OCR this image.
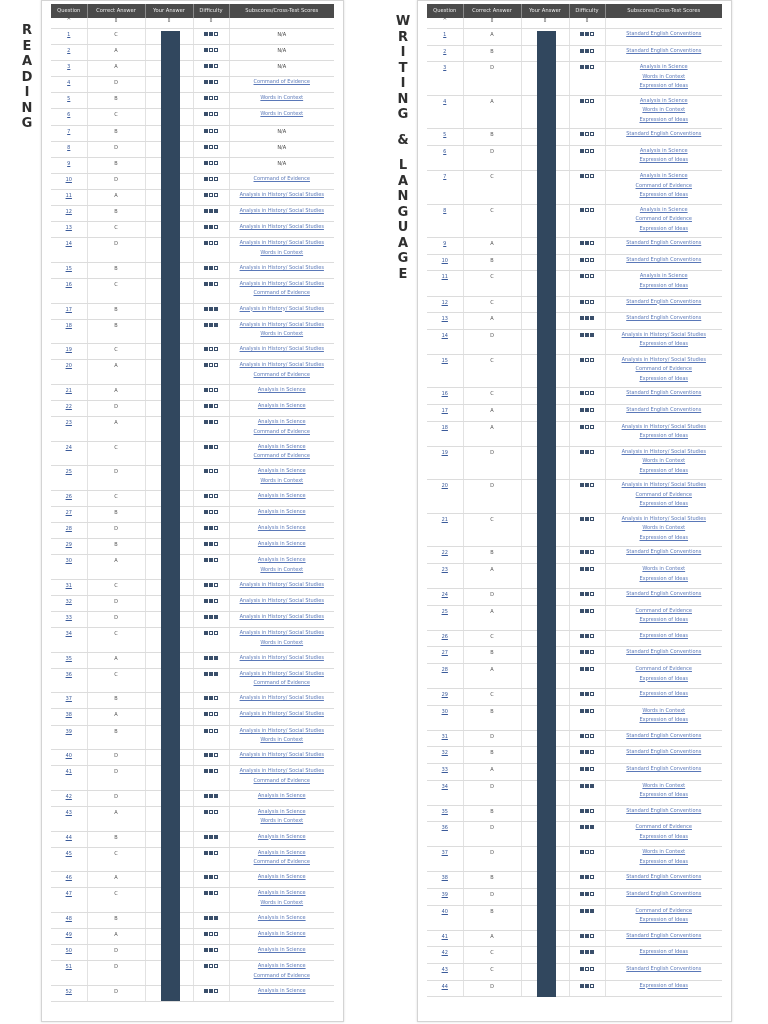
R
E
A
D
I
N
G
Question	Correct Answer	Your Answer	Difficulty	Subscores/Cross-Test Scores
^	⇕	⇕	⇕	

1	C			N/A

2	A			N/A

3	A			N/A

4	D			Command of Evidence

5	B			Words in Context

6	C			Words in Context

7	B			N/A

8	D			N/A

9	B			N/A

10	D			Command of Evidence

11	A			Analysis in History/ Social Studies

12	B			Analysis in History/ Social Studies

13	C			Analysis in History/ Social Studies

14	D			Analysis in History/ Social Studies
Words in Context

15	B			Analysis in History/ Social Studies

16	C			Analysis in History/ Social Studies
Command of Evidence

17	B			Analysis in History/ Social Studies

18	B			Analysis in History/ Social Studies
Words in Context

19	C			Analysis in History/ Social Studies

20	A			Analysis in History/ Social Studies
Command of Evidence

21	A			Analysis in Science

22	D			Analysis in Science

23	A			Analysis in Science
Command of Evidence

24	C			Analysis in Science
Command of Evidence

25	D			Analysis in Science
Words in Context

26	C			Analysis in Science

27	B			Analysis in Science

28	D			Analysis in Science

29	B			Analysis in Science

30	A			Analysis in Science
Words in Context

31	C			Analysis in History/ Social Studies

32	D			Analysis in History/ Social Studies

33	D			Analysis in History/ Social Studies

34	C			Analysis in History/ Social Studies
Words in Context

35	A			Analysis in History/ Social Studies

36	C			Analysis in History/ Social Studies
Command of Evidence

37	B			Analysis in History/ Social Studies

38	A			Analysis in History/ Social Studies

39	B			Analysis in History/ Social Studies
Words in Context

40	D			Analysis in History/ Social Studies

41	D			Analysis in History/ Social Studies
Command of Evidence

42	D			Analysis in Science

43	A			Analysis in Science
Words in Context

44	B			Analysis in Science

45	C			Analysis in Science
Command of Evidence

46	A			Analysis in Science

47	C			Analysis in Science
Words in Context

48	B			Analysis in Science

49	A			Analysis in Science

50	D			Analysis in Science

51	D			Analysis in Science
Command of Evidence

52	D			Analysis in Science
W
R
I
T
I
N
G
&
L
A
N
G
U
A
G
E
Question	Correct Answer	Your Answer	Difficulty	Subscores/Cross-Test Scores
^	⇕	⇕	⇕	

1	A			Standard English Conventions

2	B			Standard English Conventions

3	D			Analysis in Science
Words in Context
Expression of Ideas

4	A			Analysis in Science
Words in Context
Expression of Ideas

5	B			Standard English Conventions

6	D			Analysis in Science
Expression of Ideas

7	C			Analysis in Science
Command of Evidence
Expression of Ideas

8	C			Analysis in Science
Command of Evidence
Expression of Ideas

9	A			Standard English Conventions

10	B			Standard English Conventions

11	C			Analysis in Science
Expression of Ideas

12	C			Standard English Conventions

13	A			Standard English Conventions

14	D			Analysis in History/ Social Studies
Expression of Ideas

15	C			Analysis in History/ Social Studies
Command of Evidence
Expression of Ideas

16	C			Standard English Conventions

17	A			Standard English Conventions

18	A			Analysis in History/ Social Studies
Expression of Ideas

19	D			Analysis in History/ Social Studies
Words in Context
Expression of Ideas

20	D			Analysis in History/ Social Studies
Command of Evidence
Expression of Ideas

21	C			Analysis in History/ Social Studies
Words in Context
Expression of Ideas

22	B			Standard English Conventions

23	A			Words in Context
Expression of Ideas

24	D			Standard English Conventions

25	A			Command of Evidence
Expression of Ideas

26	C			Expression of Ideas

27	B			Standard English Conventions

28	A			Command of Evidence
Expression of Ideas

29	C			Expression of Ideas

30	B			Words in Context
Expression of Ideas

31	D			Standard English Conventions

32	B			Standard English Conventions

33	A			Standard English Conventions

34	D			Words in Context
Expression of Ideas

35	B			Standard English Conventions

36	D			Command of Evidence
Expression of Ideas

37	D			Words in Context
Expression of Ideas

38	B			Standard English Conventions

39	D			Standard English Conventions

40	B			Command of Evidence
Expression of Ideas

41	A			Standard English Conventions

42	C			Expression of Ideas

43	C			Standard English Conventions

44	D			Expression of Ideas
